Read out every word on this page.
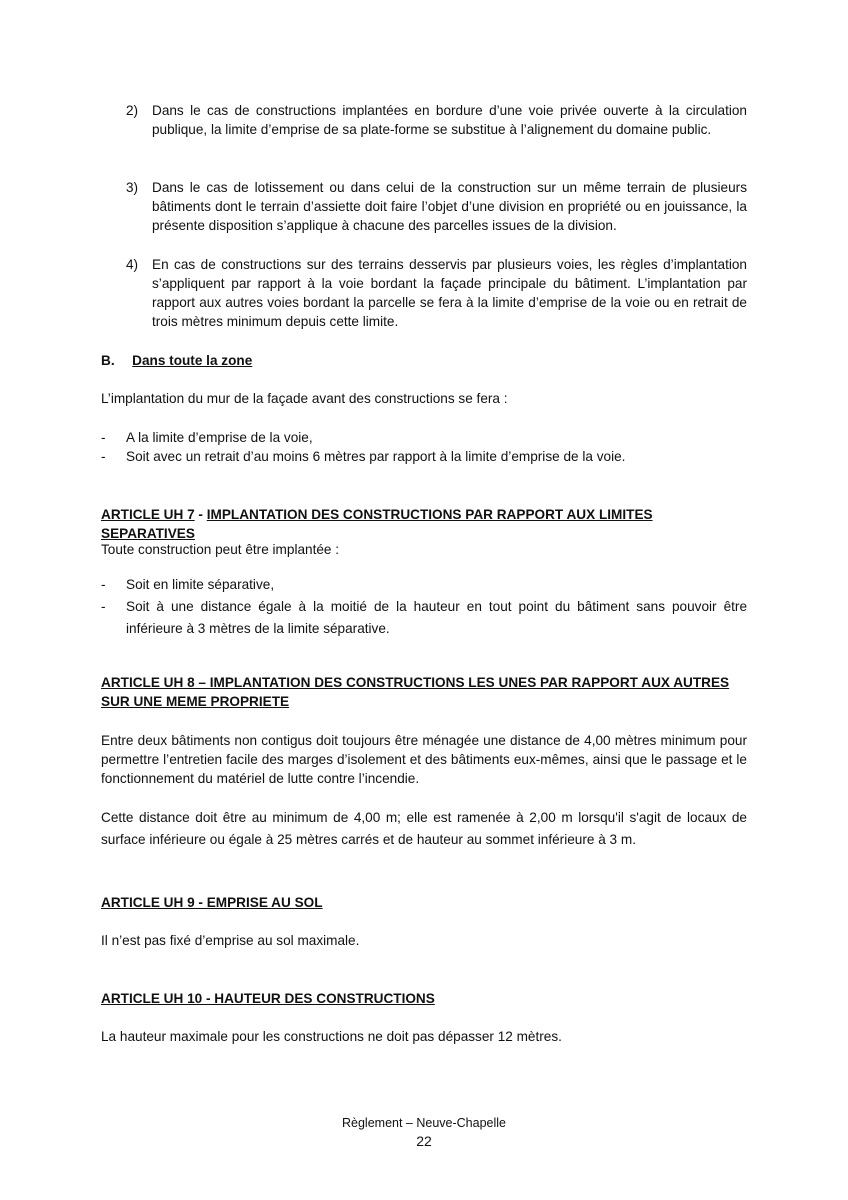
2) Dans le cas de constructions implantées en bordure d’une voie privée ouverte à la circulation publique, la limite d’emprise de sa plate-forme se substitue à l’alignement du domaine public.
3) Dans le cas de lotissement ou dans celui de la construction sur un même terrain de plusieurs bâtiments dont le terrain d’assiette doit faire l’objet d’une division en propriété ou en jouissance, la présente disposition s’applique à chacune des parcelles issues de la division.
4) En cas de constructions sur des terrains desservis par plusieurs voies, les règles d’implantation s’appliquent par rapport à la voie bordant la façade principale du bâtiment. L’implantation par rapport aux autres voies bordant la parcelle se fera à la limite d’emprise de la voie ou en retrait de trois mètres minimum depuis cette limite.
B. Dans toute la zone
L’implantation du mur de la façade avant des constructions se fera :
- A la limite d’emprise de la voie,
- Soit avec un retrait d’au moins 6 mètres par rapport à la limite d’emprise de la voie.
ARTICLE UH 7 - IMPLANTATION DES CONSTRUCTIONS PAR RAPPORT AUX LIMITES SEPARATIVES
Toute construction peut être implantée :
- Soit en limite séparative,
- Soit à une distance égale à la moitié de la hauteur en tout point du bâtiment sans pouvoir être inférieure à 3 mètres de la limite séparative.
ARTICLE UH 8 – IMPLANTATION DES CONSTRUCTIONS LES UNES PAR RAPPORT AUX AUTRES SUR UNE MEME PROPRIETE
Entre deux bâtiments non contigus doit toujours être ménagée une distance de 4,00 mètres minimum pour permettre l’entretien facile des marges d’isolement et des bâtiments eux-mêmes, ainsi que le passage et le fonctionnement du matériel de lutte contre l’incendie.
Cette distance doit être au minimum de 4,00 m; elle est ramenée à 2,00 m lorsqu'il s'agit de locaux de surface inférieure ou égale à 25 mètres carrés et de hauteur au sommet inférieure à 3 m.
ARTICLE UH 9 - EMPRISE AU SOL
Il n’est pas fixé d’emprise au sol maximale.
ARTICLE UH 10 - HAUTEUR DES CONSTRUCTIONS
La hauteur maximale pour les constructions ne doit pas dépasser 12 mètres.
Règlement – Neuve-Chapelle
22
